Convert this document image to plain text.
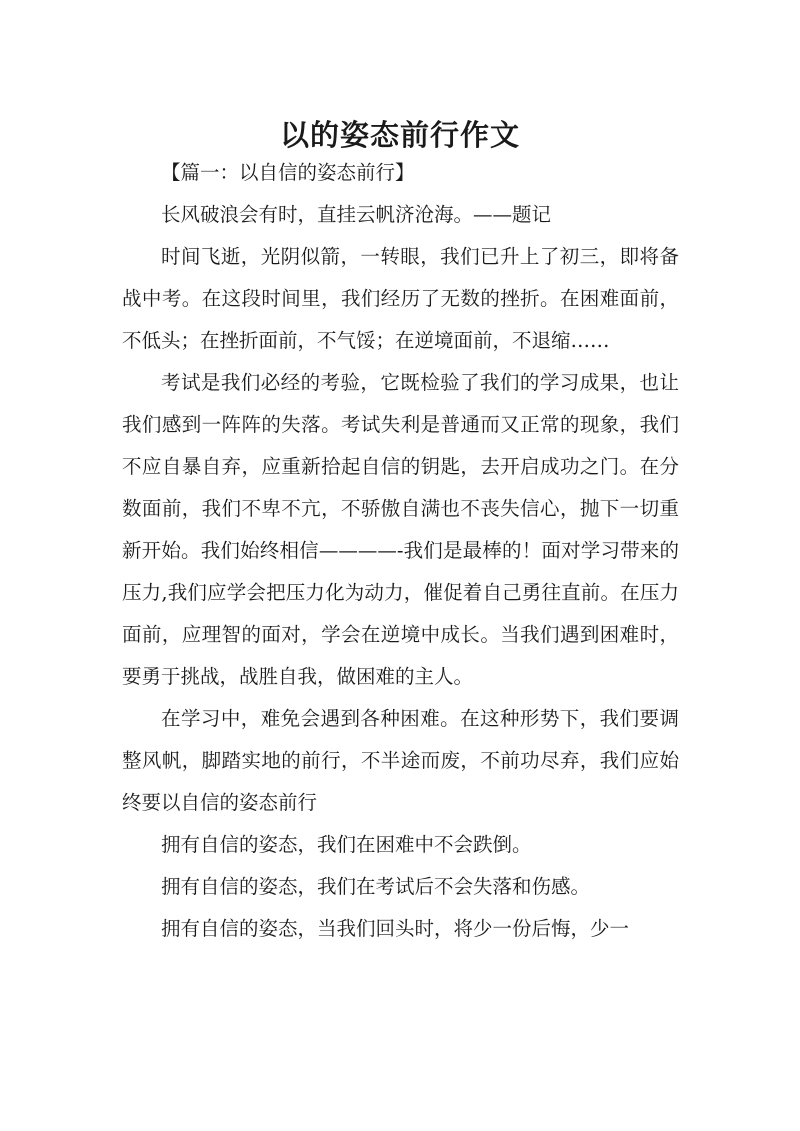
以的姿态前行作文

【篇一：以自信的姿态前行】

长风破浪会有时，直挂云帆济沧海。——题记

时间飞逝，光阴似箭，一转眼，我们已升上了初三，即将备战中考。在这段时间里，我们经历了无数的挫折。在困难面前，不低头；在挫折面前，不气馁；在逆境面前，不退缩……

考试是我们必经的考验，它既检验了我们的学习成果，也让我们感到一阵阵的失落。考试失利是普通而又正常的现象，我们不应自暴自弃，应重新拾起自信的钥匙，去开启成功之门。在分数面前，我们不卑不亢，不骄傲自满也不丧失信心，抛下一切重新开始。我们始终相信————-我们是最棒的！面对学习带来的压力,我们应学会把压力化为动力，催促着自己勇往直前。在压力面前，应理智的面对，学会在逆境中成长。当我们遇到困难时，要勇于挑战，战胜自我，做困难的主人。

在学习中，难免会遇到各种困难。在这种形势下，我们要调整风帆，脚踏实地的前行，不半途而废，不前功尽弃，我们应始终要以自信的姿态前行

拥有自信的姿态，我们在困难中不会跌倒。

拥有自信的姿态，我们在考试后不会失落和伤感。

拥有自信的姿态，当我们回头时，将少一份后悔，少一
